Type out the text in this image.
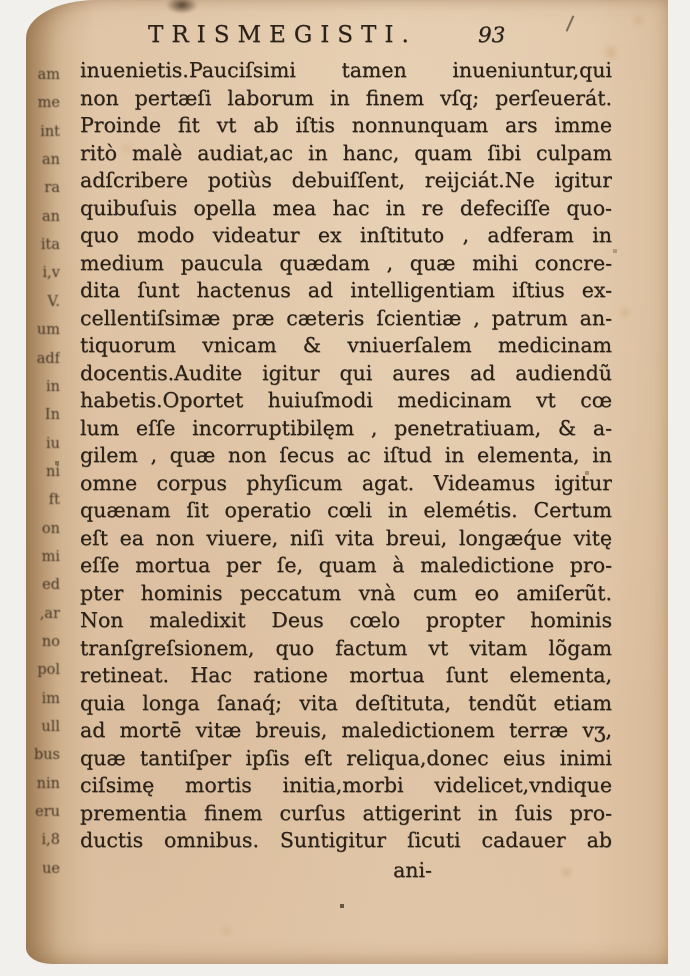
am
me
int
an
ra
an
ita
i,v
V.
um
adf
in
In
iu
ni
ft
on
mi
ed
,ar
no
pol
im
ull
bus
nin
eru
i,8
ue
TRISMEGISTI.	93
inuenietis.Pauciſsimi tamen inueniuntur,qui
non pertæſi laborum in finem vſq; perſeuerát.
Proinde fit vt ab iſtis nonnunquam ars imme
ritò malè audiat,ac in hanc, quam ſibi culpam
adſcribere potiùs debuiſſent, reijciát.Ne igitur
quibuſuis opella mea hac in re defeciſſe quo-
quo modo videatur ex inſtituto , adferam in
medium paucula quædam , quæ mihi concre-
dita ſunt hactenus ad intelligentiam iſtius ex-
cellentiſsimæ præ cæteris ſcientiæ , patrum an-
tiquorum vnicam & vniuerſalem medicinam
docentis.Audite igitur qui aures ad audiendũ
habetis.Oportet huiuſmodi medicinam vt cœ
lum eſſe incorruptibilęm , penetratiuam, & a-
gilem , quæ non ſecus ac iſtud in elementa, in
omne corpus phyſicum agat. Videamus igitur
quænam ſit operatio cœli in elemétis. Certum
eſt ea non viuere, niſi vita breui, longæq́ue vitę
eſſe mortua per ſe, quam à maledictione pro-
pter hominis peccatum vnà cum eo amiſerũt.
Non maledixit Deus cœlo propter hominis
tranſgreſsionem, quo factum vt vitam lõgam
retineat. Hac ratione mortua ſunt elementa,
quia longa ſanaq́; vita deſtituta, tendũt etiam
ad mortē vitæ breuis, maledictionem terræ vʒ,
quæ tantiſper ipſis eſt reliqua,donec eius inimi
ciſsimę mortis initia,morbi videlicet,vndique
prementia finem curſus attigerint in ſuis pro-
ductis omnibus. Suntigitur ſicuti cadauer ab
ani-
